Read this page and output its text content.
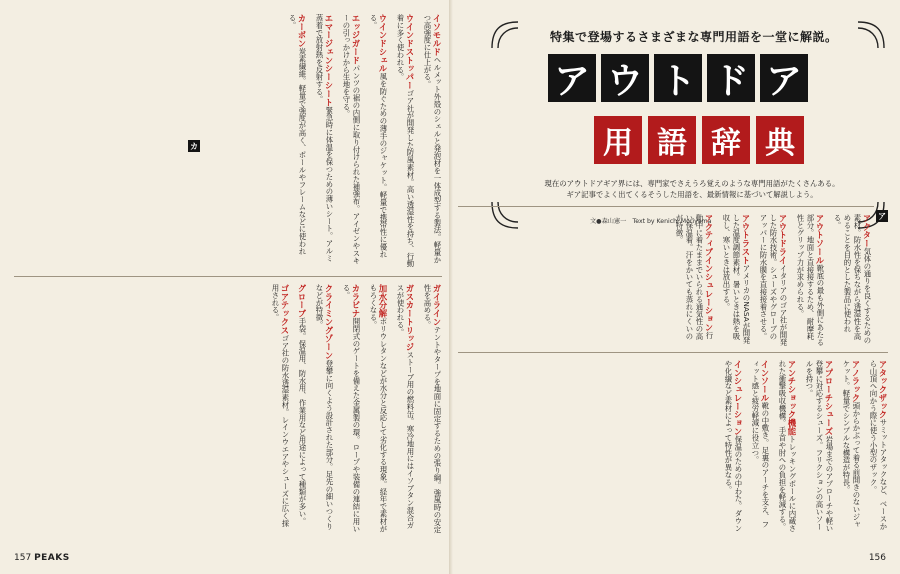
カ
イソモルドヘルメット外殻のシェルと発泡材を一体成型する製法。軽量かつ高強度に仕上がる。
ウインドストッパーゴア社が開発した防風素材。高い透湿性を持ち、行動着に多く使われる。
ウインドシェル風を防ぐための薄手のジャケット。軽量で携帯性に優れる。
エッジガードパンツの裾の内側に取り付けられた補強布。アイゼンやスキーの引っかけから生地を守る。
エマージェンシーシート緊急時に体温を保つための薄いシート。アルミ蒸着で放射熱を反射する。
カーボン炭素繊維。軽量で強度が高く、ポールやフレームなどに使われる。
ガイラインテントやタープを地面に固定するための張り綱。強風時の安定性を高める。
ガスカートリッジストーブ用の燃料缶。寒冷地用にはイソブタン混合ガスが使われる。
加水分解ポリウレタンなどが水分と反応して劣化する現象。経年で素材がもろくなる。
カラビナ開閉式のゲートを備えた金属製の環。ロープや装備の連結に用いる。
クライミングゾーン登攀に向くよう設計された部分。足先の細いつくりなどが特徴。
グローブ手袋。保温用、防水用、作業用など用途によって種類が多い。
ゴアテックスゴア社の防水透湿素材。レインウエアやシューズに広く採用される。
特集で登場するさまざまな専門用語を一堂に解説。
ア ウ ト ド ア
用 語 辞 典
現在のアウトドアギア界には、専門家でさえうろ覚えのような専門用語がたくさんある。
ギア記事でよく出てくるそうした用語を、最新情報に基づいて解説しよう。
文●森山憲一　Text by Kenichi Moriyama
ア
アクター気体の通りを良くするための素材。防水性を保ちながら透湿性を高めることを目的とした製品に使われる。
アウトソール靴底の最も外側にあたる部分。地面と直接接するため、耐摩耗性とグリップ力が求められる。
アウトドライイタリアのゴア社が開発した防水技術。シューズやグローブのアッパーに防水膜を直接接着させる。
アウトラストアメリカのNASAが開発した温度調節素材。暑いときは熱を吸収し、寒いときは放出する。
アクティブインシュレーション行動中に着たままでいられる通気性の高い保温着。汗をかいても蒸れにくいのが特徴。
アタックザックサミットアタックなど、ベースから山頂へ向かう際に使う小型のザック。
アノラック頭からかぶって着る前開きのないジャケット。軽量でシンプルな構造が特長。
アプローチシューズ岩場までのアプローチや軽い登攀に対応するシューズ。フリクションの高いソールを持つ。
アンチショック機能トレッキングポールに内蔵された衝撃吸収機構。手首や肘への負担を軽減する。
インソール靴の中敷き。足裏のアーチを支え、フィット感と疲労軽減に役立つ。
インシュレーション保温のための中わた。ダウンや化繊など素材によって特性が異なる。
157 PEAKS	156
